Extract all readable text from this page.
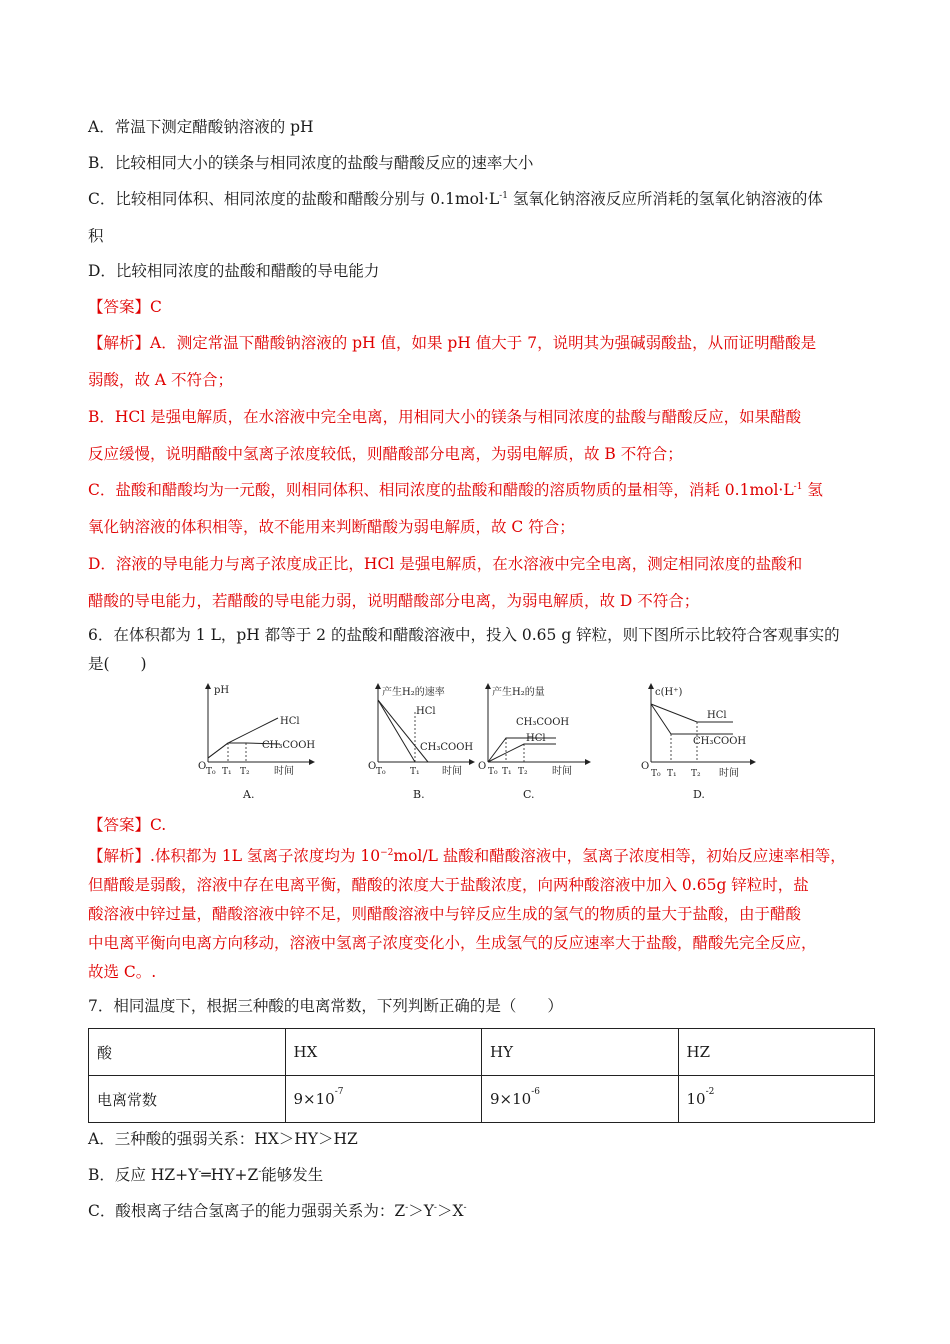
A．常温下测定醋酸钠溶液的 pH
B．比较相同大小的镁条与相同浓度的盐酸与醋酸反应的速率大小
C．比较相同体积、相同浓度的盐酸和醋酸分别与 $0.1mol\cdot L^{-1}$ 氢氧化钠溶液反应所消耗的氢氧化钠溶液的体
积
D．比较相同浓度的盐酸和醋酸的导电能力
【答案】C
【解析】A．测定常温下醋酸钠溶液的 pH 值，如果 pH 值大于 7，说明其为强碱弱酸盐，从而证明醋酸是
弱酸，故 A 不符合；
B．HCl 是强电解质，在水溶液中完全电离，用相同大小的镁条与相同浓度的盐酸与醋酸反应，如果醋酸
反应缓慢，说明醋酸中氢离子浓度较低，则醋酸部分电离，为弱电解质，故 B 不符合；
C．盐酸和醋酸均为一元酸，则相同体积、相同浓度的盐酸和醋酸的溶质物质的量相等，消耗 $0.1mol\cdot L^{-1}$ 氢
氧化钠溶液的体积相等，故不能用来判断醋酸为弱电解质，故 C 符合；
D．溶液的导电能力与离子浓度成正比，HCl 是强电解质，在水溶液中完全电离，测定相同浓度的盐酸和
醋酸的导电能力，若醋酸的导电能力弱，说明醋酸部分电离，为弱电解质，故 D 不符合；
6．在体积都为 1 L，pH 都等于 2 的盐酸和醋酸溶液中，投入 0.65 g 锌粒，则下图所示比较符合客观事实的
是(　　)
pH
HCl
CH₃COOH
O T₀ T₁ T₂ 时间
A.
产生H₂的速率
HCl
CH₃COOH
O T₀	T₁ 时间
B.
产生H₂的量
CH₃COOH
HCl
O T₀ T₁ T₂ 时间
C.
c(H⁺)
HCl
CH₃COOH
O
T₀ T₁ T₂ 时间
D.
【答案】C.
【解析】.体积都为 1L 氢离子浓度均为 $10^{-2}mol/L$ 盐酸和醋酸溶液中，氢离子浓度相等，初始反应速率相等，
但醋酸是弱酸，溶液中存在电离平衡，醋酸的浓度大于盐酸浓度，向两种酸溶液中加入 0.65g 锌粒时，盐
酸溶液中锌过量，醋酸溶液中锌不足，则醋酸溶液中与锌反应生成的氢气的物质的量大于盐酸，由于醋酸
中电离平衡向电离方向移动，溶液中氢离子浓度变化小，生成氢气的反应速率大于盐酸，醋酸先完全反应，
故选 C。.
7．相同温度下，根据三种酸的电离常数，下列判断正确的是（　　）
酸	HX	HY	HZ
电离常数	$9\times 10^{-7}$	$9\times 10^{-6}$	$10^{-2}$
A．三种酸的强弱关系：HX＞HY＞HZ
B．反应 HZ+Y-═HY+Z-能够发生
C．酸根离子结合氢离子的能力强弱关系为：Z-＞Y-＞X-
